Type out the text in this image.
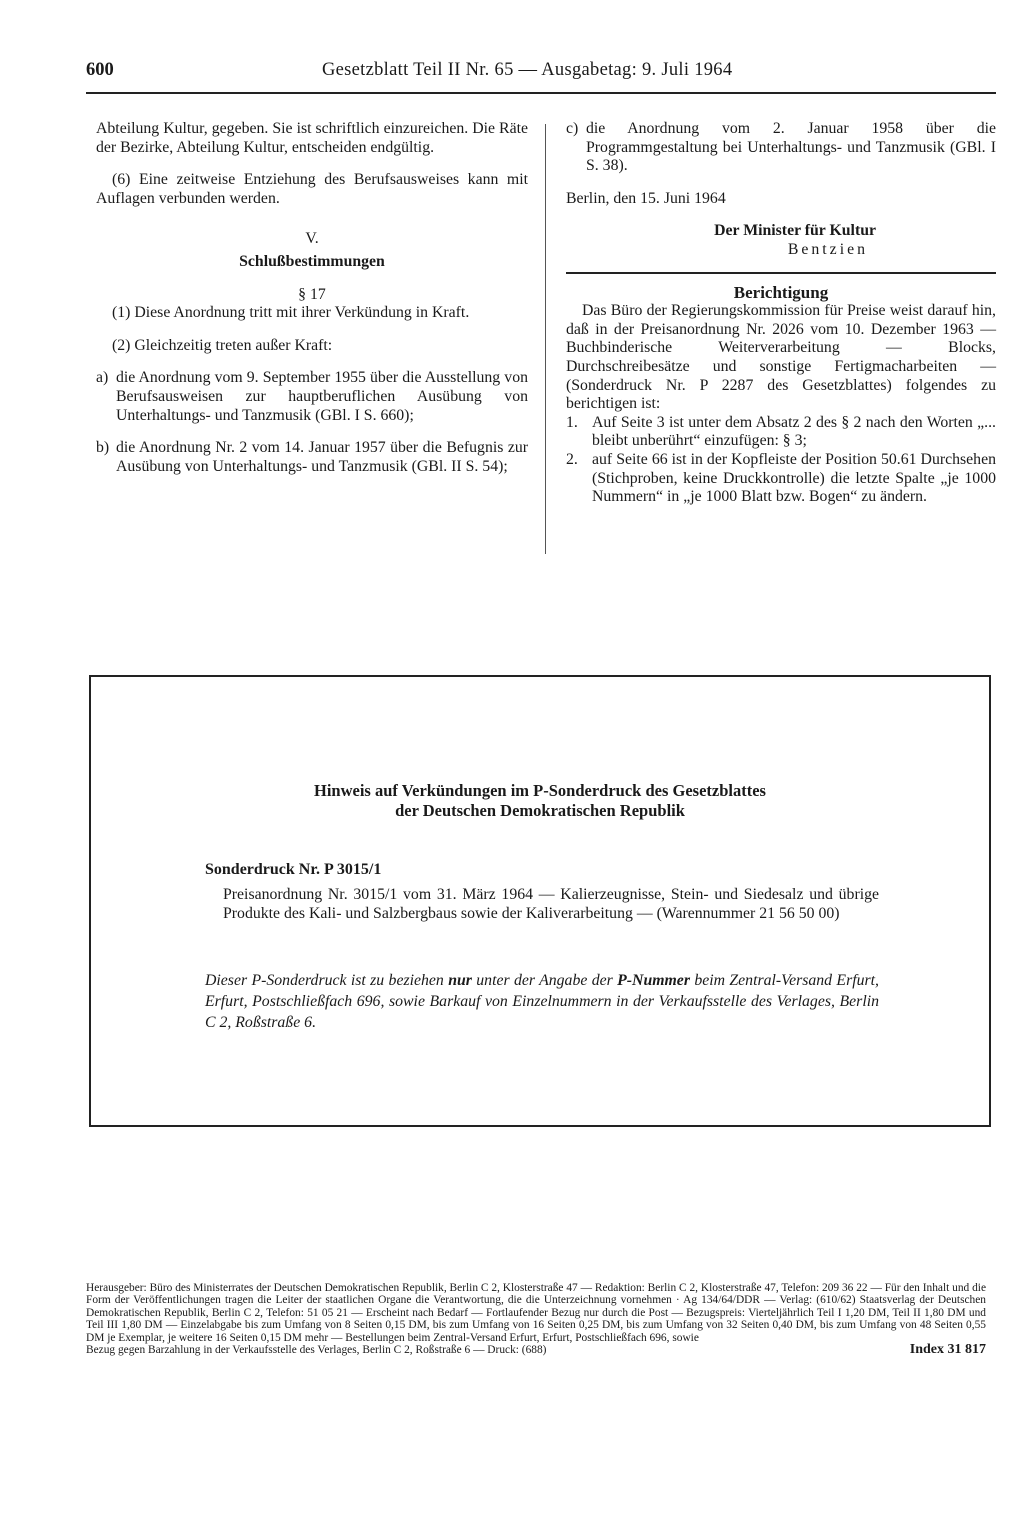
600	Gesetzblatt Teil II Nr. 65 — Ausgabetag: 9. Juli 1964

Abteilung Kultur, gegeben. Sie ist schriftlich einzureichen. Die Räte der Bezirke, Abteilung Kultur, entscheiden endgültig.

(6) Eine zeitweise Entziehung des Berufsausweises kann mit Auflagen verbunden werden.

V.

Schlußbestimmungen

§ 17

(1) Diese Anordnung tritt mit ihrer Verkündung in Kraft.

(2) Gleichzeitig treten außer Kraft:

a) die Anordnung vom 9. September 1955 über die Ausstellung von Berufsausweisen zur hauptberuflichen Ausübung von Unterhaltungs- und Tanzmusik (GBl. I S. 660);
b) die Anordnung Nr. 2 vom 14. Januar 1957 über die Befugnis zur Ausübung von Unterhaltungs- und Tanzmusik (GBl. II S. 54);
c) die Anordnung vom 2. Januar 1958 über die Programmgestaltung bei Unterhaltungs- und Tanzmusik (GBl. I S. 38).

Berlin, den 15. Juni 1964

Der Minister für Kultur

Bentzien

Berichtigung

Das Büro der Regierungskommission für Preise weist darauf hin, daß in der Preisanordnung Nr. 2026 vom 10. Dezember 1963 — Buchbinderische Weiterverarbeitung — Blocks, Durchschreibesätze und sonstige Fertigmacharbeiten — (Sonderdruck Nr. P 2287 des Gesetzblattes) folgendes zu berichtigen ist:

1. Auf Seite 3 ist unter dem Absatz 2 des § 2 nach den Worten „... bleibt unberührt“ einzufügen: § 3;
2. auf Seite 66 ist in der Kopfleiste der Position 50.61 Durchsehen (Stichproben, keine Druckkontrolle) die letzte Spalte „je 1000 Nummern“ in „je 1000 Blatt bzw. Bogen“ zu ändern.
Hinweis auf Verkündungen im P-Sonderdruck des Gesetzblattes
der Deutschen Demokratischen Republik
Sonderdruck Nr. P 3015/1
Preisanordnung Nr. 3015/1 vom 31. März 1964 — Kalierzeugnisse, Stein- und Siedesalz und übrige Produkte des Kali- und Salzbergbaus sowie der Kaliverarbeitung — (Warennummer 21 56 50 00)
Dieser P-Sonderdruck ist zu beziehen nur unter der Angabe der P-Nummer beim Zentral-Versand Erfurt, Erfurt, Postschließfach 696, sowie Barkauf von Einzelnummern in der Verkaufsstelle des Verlages, Berlin C 2, Roßstraße 6.
Herausgeber: Büro des Ministerrates der Deutschen Demokratischen Republik, Berlin C 2, Klosterstraße 47 — Redaktion: Berlin C 2, Klosterstraße 47, Telefon: 209 36 22 — Für den Inhalt und die Form der Veröffentlichungen tragen die Leiter der staatlichen Organe die Verantwortung, die die Unterzeichnung vornehmen · Ag 134/64/DDR — Verlag: (610/62) Staatsverlag der Deutschen Demokratischen Republik, Berlin C 2, Telefon: 51 05 21 — Erscheint nach Bedarf — Fortlaufender Bezug nur durch die Post — Bezugspreis: Vierteljährlich Teil I 1,20 DM, Teil II 1,80 DM und Teil III 1,80 DM — Einzelabgabe bis zum Umfang von 8 Seiten 0,15 DM, bis zum Umfang von 16 Seiten 0,25 DM, bis zum Umfang von 32 Seiten 0,40 DM, bis zum Umfang von 48 Seiten 0,55 DM je Exemplar, je weitere 16 Seiten 0,15 DM mehr — Bestellungen beim Zentral-Versand Erfurt, Erfurt, Postschließfach 696, sowie
Bezug gegen Barzahlung in der Verkaufsstelle des Verlages, Berlin C 2, Roßstraße 6 — Druck: (688)	Index 31 817
